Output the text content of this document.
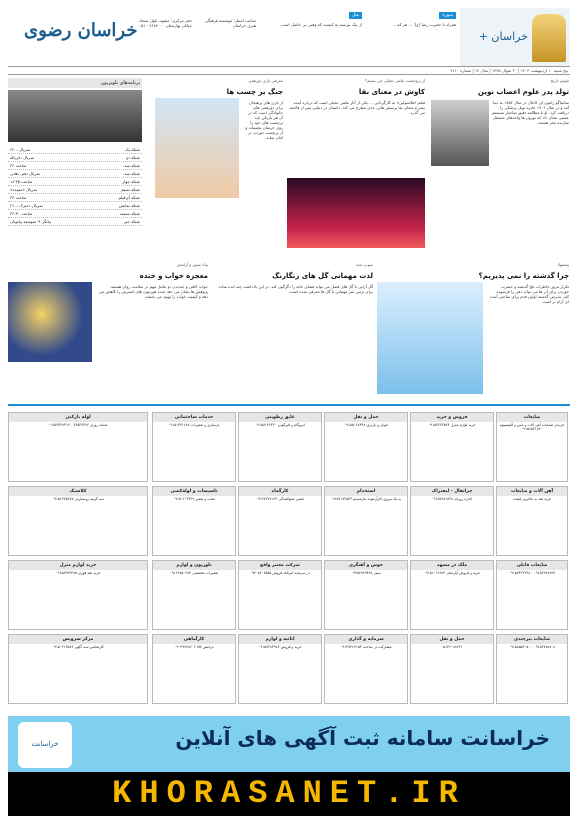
خراسان +
سوره
همراه با حضرت رضا (ع): ... هر که ...
مثل
از نیک بپرسید به کیست که وقتی بی حاصل است.
صاحب امتیاز: موسسه فرهنگی هنری خراسان
دفتر مرکزی: مشهد، بلوار سجاد، خیابان بهارستان ۷۶۸۴۰۰۰ - ۰۵۱
خراسان رضوی
پنج شنبه ۱۰ اردیبهشت ۱۴۰۳ | ۲۰ شوال ۱۴۴۵ | سال ۱۴ | شماره ۴۱۱۰
تقویم تاریخ
تولد پدر علوم اعصاب نوین
سانتیاگو رامون ای کاخال در سال ۱۸۵۲ به دنیا آمد و در سال ۱۹۰۶ جایزه نوبل پزشکی را دریافت کرد. او با مطالعه دقیق ساختار سیستم عصبی نشان داد که نورون ها واحدهای مستقل سازنده مغز هستند.
از پروجشت علمی تخیلی چی بسیم؟
کاوش در معنای بقا
فیلم «فلاسولین» به کارگردانی ... یکی از آثار علمی تخیلی است که درباره آینده بشر و معنای بقا پرسش هایی جدی مطرح می کند. داستان در دنیایی پس از فاجعه می گذرد.
معرفی بازی دورهمی
جنگ بر چسب ها
از بازی های پرهیجان برای دورهمی های خانوادگی است که در آن هر بازیکن باید برچسب های خود را روی حریفان بچسباند و از برچسب خوردن در امان بماند.
برنامه‌های تلویزیون
شبکه یک
سریال ...۲۲
شبکه دو
سریال داترباله
شبکه سه
ساعت ۲۲
شبکه سه
سریال دفتر دهاتی
شبکه چهار
ساعت ۱۸:۳۵
شبکه نسیم
سریال «سپیده»
شبکه آی‌فیلم
ساعت ۲۳
شبکه نمایش
سریال دخترک ...۲۱
شبکه مستند
ساعت ۲۲:۳۰
شبکه خبر
بیانگر + متوسعه پیانوبان
پیشنهاد
چرا گذشته را نمی پذیریم؟
تکرار مرور خاطرات تلخ گذشته و حسرت خوردن برای آن ها می تواند ذهن را فرسوده کند. پذیرش گذشته اولین قدم برای ساختن آینده ای آرام تر است.
سوپ تنده
لذت مهمانی گل های رنگارنگ
گل آرایی با گل های فصل می تواند فضای خانه را دگرگون کند. در این یادداشت چند ایده ساده برای تزئین میز مهمانی با گل ها معرفی شده است.
پناه صبور و آرامش
معجزه خواب و خنده
خواب کافی و خندیدن دو عامل مهم در سلامت روان هستند. پژوهش ها نشان می دهد خنده هورمون های استرس را کاهش می دهد و کیفیت خواب را بهبود می بخشد.
ضایعات
خریدار ضایعات آهن آلات و مس و آلومینیوم ۰۹۱۵۶۵۳۱۸۲۰
آهن آلات و ضایعات
خرید نقد به بالاترین قیمت
ضایعات قابلی
۰۹۱۵۶۲۹۸۷۷۹ - ۰۹۱۵۷۴۲۲۲۴۸
ضایعات بیرجندی
۰۹۱۵۶۷۷۸۸۰۸ - ۰۹۱۵۸۵۵۴۰۵۰
لوله بازکنی
شبانه روزی ۳۶۵۲۴۲۷۶ - ۰۹۱۵۳۳۴۸۴۱۴
کلاسیک
سه گزینه روستارتی ۰۹۱۵۱۳۲۵۸۷۷
خرید لوازم منزل
خرید نقد فوری ۰۹۱۵۸۴۷۲۳۸۵
مرکز سرویس
کارشناس ثبت آگهی ۰۹۱۵۰۴۱۴۵۸۹
خدمات ساختمانی
بازسازی و تعمیرات ۰۹۱۵۱۳۳۱۶۸۷
عایق رطوبتی
ایزوگام و قیرگونی ۰۹۱۵۷۱۴۶۴۲۰
حمل و نقل
اتوبار و باربری ۰۹۱۵۵۰۶۸۴۴۸
فروش و خرید
خرید لوازم منزل ۰۹۱۵۳۲۲۴۵۲۴
تاسیسات و لوله‌کشی
نصب و تعمیر ۰۹۱۵۰۲۰۳۶۲۷
کارگماه
تعمیر جمع‌کنندگی ۰۹۱۲۸۲۲۷۱۶۴
استخدام
به یک نیروی کارآزموده نیازمندیم ۰۹۱۵۲۱۷۲۵۴۳
جراثقال - لیفتراک
اجاره روزانه ۰۹۱۵۷۲۸۶۸۲۸
تلوزیون و لوازم
تعمیرات تخصصی ۰۹۱۲۶۷۵۰۳۸۴
شرکت معتبر واقع
در سرمایه امرالله فروش ۰۹۳۰۵۲۰۶۵۵۵
جوش و آهنگری
سیار ۰۹۳۵۴۸۴۹۴۷۸
ملک در مشهد
خرید و فروش آپارتمان ۰۹۱۵۱۰۱۹۶۸۲
کارآماهی
ترخیص کالا ۰۹۰۴۹۶۷۸۶۰۶
اثاثیه و لوازم
خرید و فروش ۰۹۱۵۷۳۸۳۹۸۴
سرمایه و گذاری
مشارکت در ساخت ۰۹۱۳۷۴۶۶۱۵۴
حمل و نقل
۰۵۱۳۶۰۸۸۴۲۱
خراسانت	خراسانت سامانه ثبت آگهی های آنلاین
KHORASANET.IR
